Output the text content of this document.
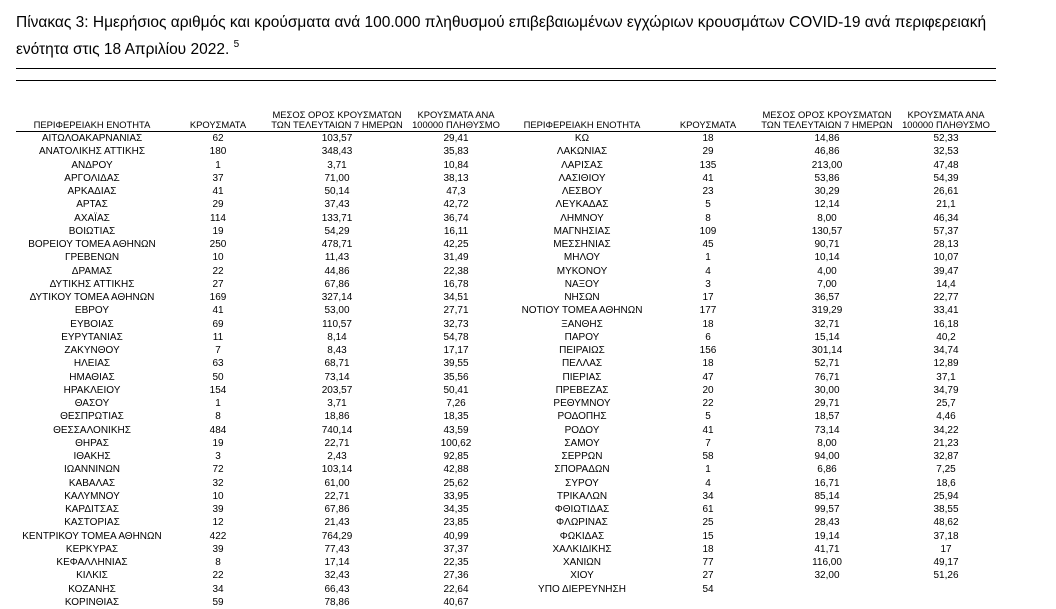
Πίνακας 3: Ημερήσιος αριθμός και κρούσματα ανά 100.000 πληθυσμού επιβεβαιωμένων εγχώριων κρουσμάτων COVID-19 ανά περιφερειακή ενότητα στις 18 Απριλίου 2022. $^5$
ΠΕΡΙΦΕΡΕΙΑΚΗ ΕΝΟΤΗΤΑ	ΚΡΟΥΣΜΑΤΑ	ΜΕΣΟΣ ΟΡΟΣ ΚΡΟΥΣΜΑΤΩΝ ΤΩΝ ΤΕΛΕΥΤΑΙΩΝ 7 ΗΜΕΡΩΝ	ΚΡΟΥΣΜΑΤΑ ΑΝΑ 100000 ΠΛΗΘΥΣΜΟ	ΠΕΡΙΦΕΡΕΙΑΚΗ ΕΝΟΤΗΤΑ	ΚΡΟΥΣΜΑΤΑ	ΜΕΣΟΣ ΟΡΟΣ ΚΡΟΥΣΜΑΤΩΝ ΤΩΝ ΤΕΛΕΥΤΑΙΩΝ 7 ΗΜΕΡΩΝ	ΚΡΟΥΣΜΑΤΑ ΑΝΑ 100000 ΠΛΗΘΥΣΜΟ
ΑΙΤΩΛΟΑΚΑΡΝΑΝΙΑΣ	62	103,57	29,41	ΚΩ	18	14,86	52,33
ΑΝΑΤΟΛΙΚΗΣ ΑΤΤΙΚΗΣ	180	348,43	35,83	ΛΑΚΩΝΙΑΣ	29	46,86	32,53
ΑΝΔΡΟΥ	1	3,71	10,84	ΛΑΡΙΣΑΣ	135	213,00	47,48
ΑΡΓΟΛΙΔΑΣ	37	71,00	38,13	ΛΑΣΙΘΙΟΥ	41	53,86	54,39
ΑΡΚΑΔΙΑΣ	41	50,14	47,3	ΛΕΣΒΟΥ	23	30,29	26,61
ΑΡΤΑΣ	29	37,43	42,72	ΛΕΥΚΑΔΑΣ	5	12,14	21,1
ΑΧΑΪΑΣ	114	133,71	36,74	ΛΗΜΝΟΥ	8	8,00	46,34
ΒΟΙΩΤΙΑΣ	19	54,29	16,11	ΜΑΓΝΗΣΙΑΣ	109	130,57	57,37
ΒΟΡΕΙΟΥ ΤΟΜΕΑ ΑΘΗΝΩΝ	250	478,71	42,25	ΜΕΣΣΗΝΙΑΣ	45	90,71	28,13
ΓΡΕΒΕΝΩΝ	10	11,43	31,49	ΜΗΛΟΥ	1	10,14	10,07
ΔΡΑΜΑΣ	22	44,86	22,38	ΜΥΚΟΝΟΥ	4	4,00	39,47
ΔΥΤΙΚΗΣ ΑΤΤΙΚΗΣ	27	67,86	16,78	ΝΑΞΟΥ	3	7,00	14,4
ΔΥΤΙΚΟΥ ΤΟΜΕΑ ΑΘΗΝΩΝ	169	327,14	34,51	ΝΗΣΩΝ	17	36,57	22,77
ΕΒΡΟΥ	41	53,00	27,71	ΝΟΤΙΟΥ ΤΟΜΕΑ ΑΘΗΝΩΝ	177	319,29	33,41
ΕΥΒΟΙΑΣ	69	110,57	32,73	ΞΑΝΘΗΣ	18	32,71	16,18
ΕΥΡΥΤΑΝΙΑΣ	11	8,14	54,78	ΠΑΡΟΥ	6	15,14	40,2
ΖΑΚΥΝΘΟΥ	7	8,43	17,17	ΠΕΙΡΑΙΩΣ	156	301,14	34,74
ΗΛΕΙΑΣ	63	68,71	39,55	ΠΕΛΛΑΣ	18	52,71	12,89
ΗΜΑΘΙΑΣ	50	73,14	35,56	ΠΙΕΡΙΑΣ	47	76,71	37,1
ΗΡΑΚΛΕΙΟΥ	154	203,57	50,41	ΠΡΕΒΕΖΑΣ	20	30,00	34,79
ΘΑΣΟΥ	1	3,71	7,26	ΡΕΘΥΜΝΟΥ	22	29,71	25,7
ΘΕΣΠΡΩΤΙΑΣ	8	18,86	18,35	ΡΟΔΟΠΗΣ	5	18,57	4,46
ΘΕΣΣΑΛΟΝΙΚΗΣ	484	740,14	43,59	ΡΟΔΟΥ	41	73,14	34,22
ΘΗΡΑΣ	19	22,71	100,62	ΣΑΜΟΥ	7	8,00	21,23
ΙΘΑΚΗΣ	3	2,43	92,85	ΣΕΡΡΩΝ	58	94,00	32,87
ΙΩΑΝΝΙΝΩΝ	72	103,14	42,88	ΣΠΟΡΑΔΩΝ	1	6,86	7,25
ΚΑΒΑΛΑΣ	32	61,00	25,62	ΣΥΡΟΥ	4	16,71	18,6
ΚΑΛΥΜΝΟΥ	10	22,71	33,95	ΤΡΙΚΑΛΩΝ	34	85,14	25,94
ΚΑΡΔΙΤΣΑΣ	39	67,86	34,35	ΦΘΙΩΤΙΔΑΣ	61	99,57	38,55
ΚΑΣΤΟΡΙΑΣ	12	21,43	23,85	ΦΛΩΡΙΝΑΣ	25	28,43	48,62
ΚΕΝΤΡΙΚΟΥ ΤΟΜΕΑ ΑΘΗΝΩΝ	422	764,29	40,99	ΦΩΚΙΔΑΣ	15	19,14	37,18
ΚΕΡΚΥΡΑΣ	39	77,43	37,37	ΧΑΛΚΙΔΙΚΗΣ	18	41,71	17
ΚΕΦΑΛΛΗΝΙΑΣ	8	17,14	22,35	ΧΑΝΙΩΝ	77	116,00	49,17
ΚΙΛΚΙΣ	22	32,43	27,36	ΧΙΟΥ	27	32,00	51,26
ΚΟΖΑΝΗΣ	34	66,43	22,64	ΥΠΟ ΔΙΕΡΕΥΝΗΣΗ	54		
ΚΟΡΙΝΘΙΑΣ	59	78,86	40,67				
